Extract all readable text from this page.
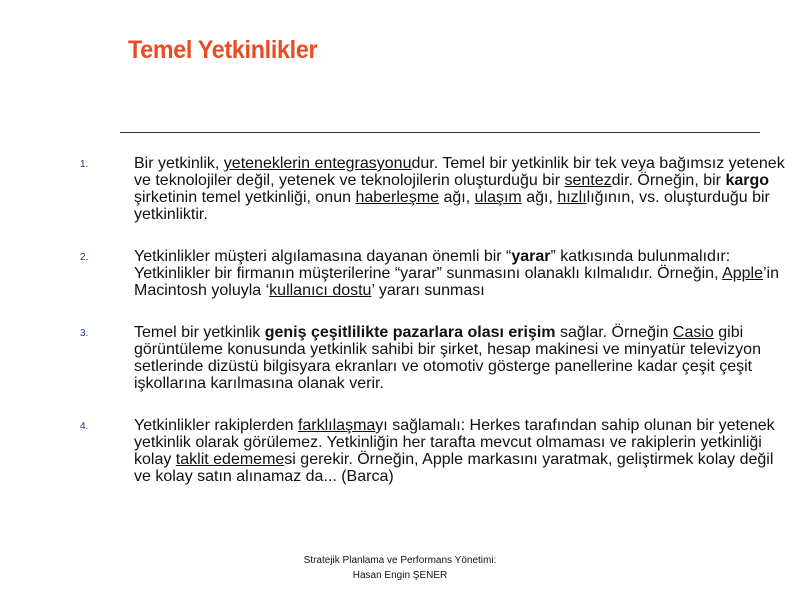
Temel Yetkinlikler
1.	Bir yetkinlik, yeteneklerin entegrasyonudur. Temel bir yetkinlik bir tek veya bağımsız yetenek ve teknolojiler değil, yetenek ve teknolojilerin oluşturduğu bir sentezdir. Örneğin, bir kargo şirketinin temel yetkinliği, onun haberleşme ağı, ulaşım ağı, hızlılığının, vs. oluşturduğu bir yetkinliktir.
2.	Yetkinlikler müşteri algılamasına dayanan önemli bir “yarar” katkısında bulunmalıdır: Yetkinlikler bir firmanın müşterilerine “yarar” sunmasını olanaklı kılmalıdır. Örneğin, Apple’in Macintosh yoluyla ‘kullanıcı dostu’ yararı sunması
3.	Temel bir yetkinlik geniş çeşitlilikte pazarlara olası erişim sağlar. Örneğin Casio gibi görüntüleme konusunda yetkinlik sahibi bir şirket, hesap makinesi ve minyatür televizyon setlerinde dizüstü bilgisyara ekranları ve otomotiv gösterge panellerine kadar çeşit çeşit işkollarına karılmasına olanak verir.
4.	Yetkinlikler rakiplerden farklılaşmayı sağlamalı: Herkes tarafından sahip olunan bir yetenek yetkinlik olarak görülemez. Yetkinliğin her tarafta mevcut olmaması ve rakiplerin yetkinliği kolay taklit edememesi gerekir. Örneğin, Apple markasını yaratmak, geliştirmek kolay değil ve kolay satın alınamaz da... (Barca)
Stratejik Planlama ve Performans Yönetimi:
Hasan Engin ŞENER
